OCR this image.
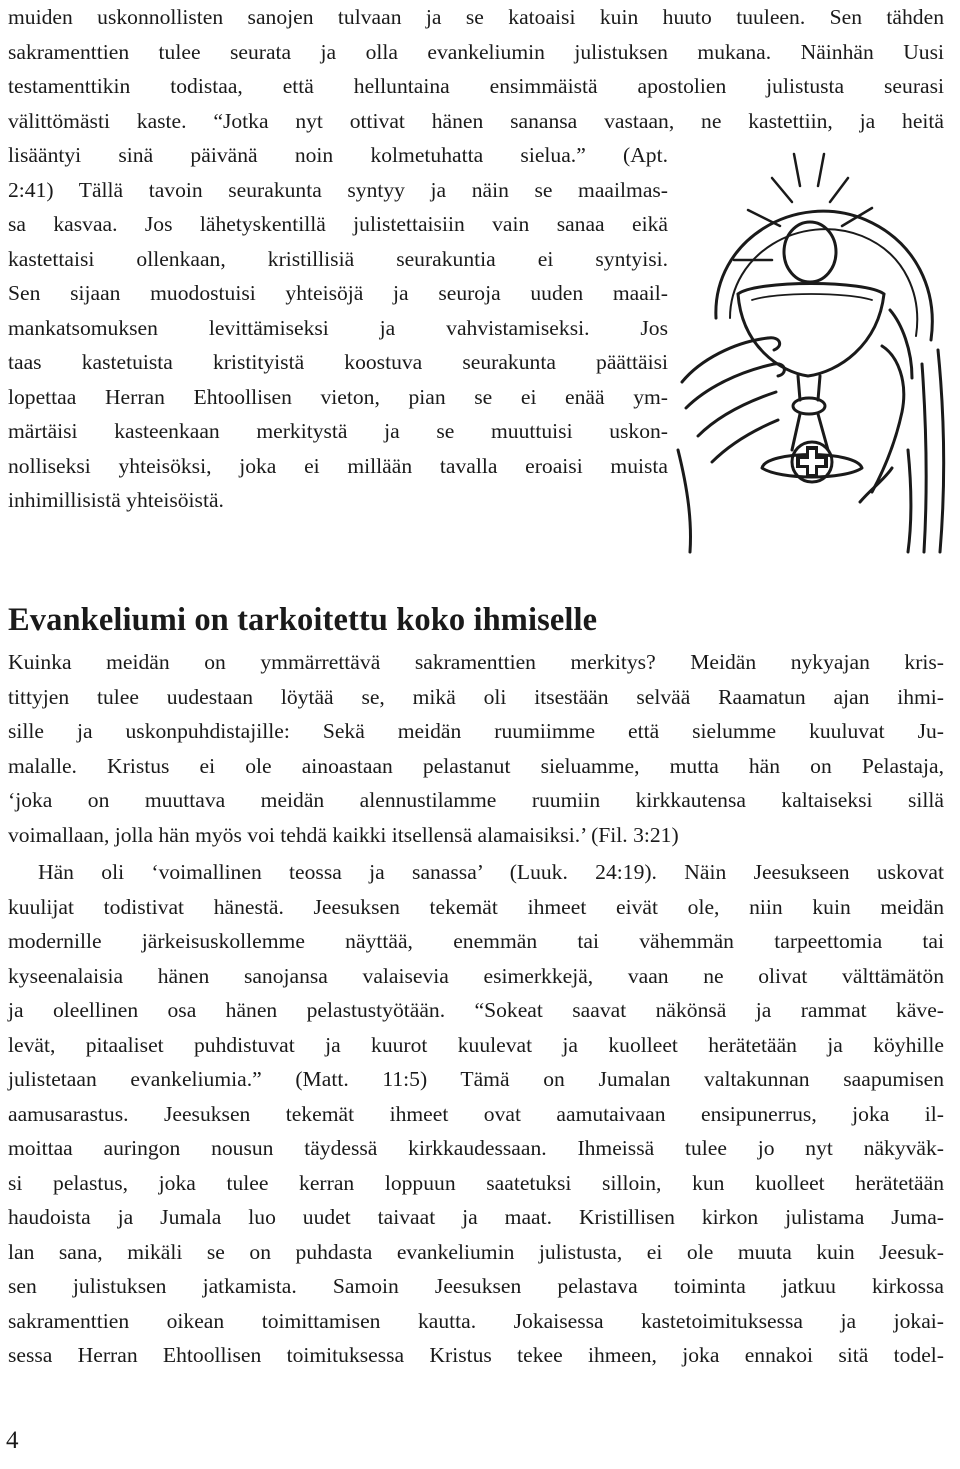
muiden uskonnollisten sanojen tulvaan ja se katoaisi kuin huuto tuuleen. Sen tähden
sakramenttien tulee seurata ja olla evankeliumin julistuksen mukana. Näinhän Uusi
testamenttikin todistaa, että helluntaina ensimmäistä apostolien julistusta seurasi
välittömästi kaste. “Jotka nyt ottivat hänen sanansa vastaan, ne kastettiin, ja heitä
lisääntyi sinä päivänä noin kolmetuhatta sielua.” (Apt.
2:41) Tällä tavoin seurakunta syntyy ja näin se maailmas-
sa kasvaa. Jos lähetyskentillä julistettaisiin vain sanaa eikä
kastettaisi ollenkaan, kristillisiä seurakuntia ei syntyisi.
Sen sijaan muodostuisi yhteisöjä ja seuroja uuden maail-
mankatsomuksen levittämiseksi ja vahvistamiseksi. Jos
taas kastetuista kristityistä koostuva seurakunta päättäisi
lopettaa Herran Ehtoollisen vieton, pian se ei enää ym-
märtäisi kasteenkaan merkitystä ja se muuttuisi uskon-
nolliseksi yhteisöksi, joka ei millään tavalla eroaisi muista
inhimillisistä yhteisöistä.
Evankeliumi on tarkoitettu koko ihmiselle
Kuinka meidän on ymmärrettävä sakramenttien merkitys? Meidän nykyajan kris-
tittyjen tulee uudestaan löytää se, mikä oli itsestään selvää Raamatun ajan ihmi-
sille ja uskonpuhdistajille: Sekä meidän ruumiimme että sielumme kuuluvat Ju-
malalle. Kristus ei ole ainoastaan pelastanut sieluamme, mutta hän on Pelastaja,
‘joka on muuttava meidän alennustilamme ruumiin kirkkautensa kaltaiseksi sillä
voimallaan, jolla hän myös voi tehdä kaikki itsellensä alamaisiksi.’ (Fil. 3:21)
Hän oli ‘voimallinen teossa ja sanassa’ (Luuk. 24:19). Näin Jeesukseen uskovat
kuulijat todistivat hänestä. Jeesuksen tekemät ihmeet eivät ole, niin kuin meidän
modernille järkeisuskollemme näyttää, enemmän tai vähemmän tarpeettomia tai
kyseenalaisia hänen sanojansa valaisevia esimerkkejä, vaan ne olivat välttämätön
ja oleellinen osa hänen pelastustyötään. “Sokeat saavat näkönsä ja rammat käve-
levät, pitaaliset puhdistuvat ja kuurot kuulevat ja kuolleet herätetään ja köyhille
julistetaan evankeliumia.” (Matt. 11:5) Tämä on Jumalan valtakunnan saapumisen
aamusarastus. Jeesuksen tekemät ihmeet ovat aamutaivaan ensipunerrus, joka il-
moittaa auringon nousun täydessä kirkkaudessaan. Ihmeissä tulee jo nyt näkyväk-
si pelastus, joka tulee kerran loppuun saatetuksi silloin, kun kuolleet herätetään
haudoista ja Jumala luo uudet taivaat ja maat. Kristillisen kirkon julistama Juma-
lan sana, mikäli se on puhdasta evankeliumin julistusta, ei ole muuta kuin Jeesuk-
sen julistuksen jatkamista. Samoin Jeesuksen pelastava toiminta jatkuu kirkossa
sakramenttien oikean toimittamisen kautta. Jokaisessa kastetoimituksessa ja jokai-
sessa Herran Ehtoollisen toimituksessa Kristus tekee ihmeen, joka ennakoi sitä todel-
4
